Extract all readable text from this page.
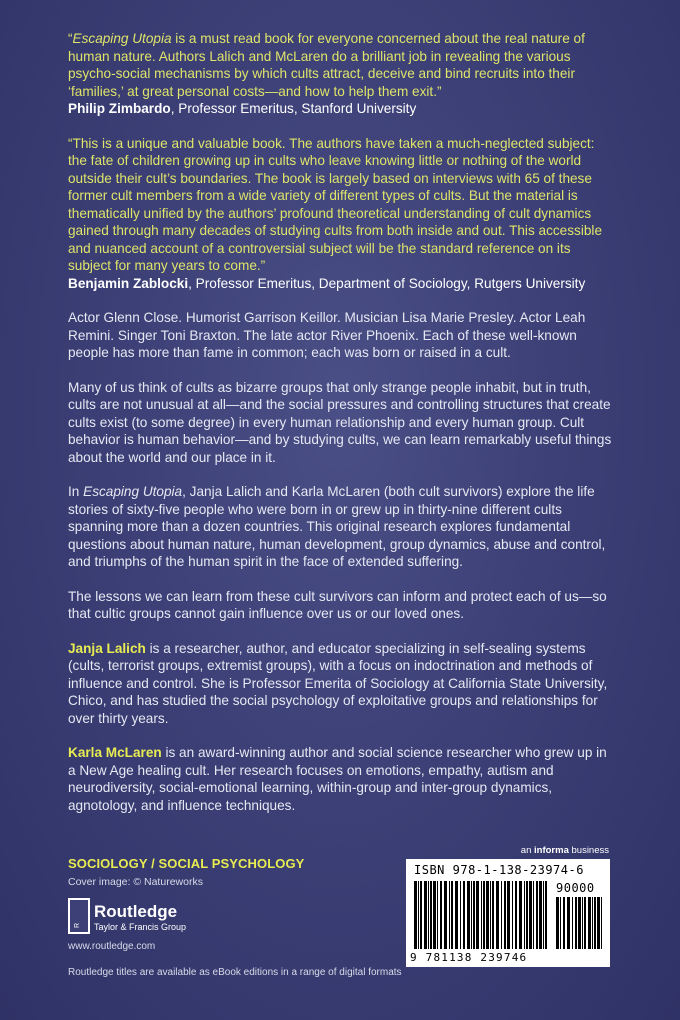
“Escaping Utopia is a must read book for everyone concerned about the real nature of human nature. Authors Lalich and McLaren do a brilliant job in revealing the various psycho-social mechanisms by which cults attract, deceive and bind recruits into their ‘families,’ at great personal costs—and how to help them exit.”

Philip Zimbardo, Professor Emeritus, Stanford University

“This is a unique and valuable book. The authors have taken a much-neglected subject: the fate of children growing up in cults who leave knowing little or nothing of the world outside their cult’s boundaries. The book is largely based on interviews with 65 of these former cult members from a wide variety of different types of cults. But the material is thematically unified by the authors’ profound theoretical understanding of cult dynamics gained through many decades of studying cults from both inside and out. This accessible and nuanced account of a controversial subject will be the standard reference on its subject for many years to come.”

Benjamin Zablocki, Professor Emeritus, Department of Sociology, Rutgers University

Actor Glenn Close. Humorist Garrison Keillor. Musician Lisa Marie Presley. Actor Leah Remini. Singer Toni Braxton. The late actor River Phoenix. Each of these well-known people has more than fame in common; each was born or raised in a cult.

Many of us think of cults as bizarre groups that only strange people inhabit, but in truth, cults are not unusual at all—and the social pressures and controlling structures that create cults exist (to some degree) in every human relationship and every human group. Cult behavior is human behavior—and by studying cults, we can learn remarkably useful things about the world and our place in it.

In Escaping Utopia, Janja Lalich and Karla McLaren (both cult survivors) explore the life stories of sixty-five people who were born in or grew up in thirty-nine different cults spanning more than a dozen countries. This original research explores fundamental questions about human nature, human development, group dynamics, abuse and control, and triumphs of the human spirit in the face of extended suffering.

The lessons we can learn from these cult survivors can inform and protect each of us—so that cultic groups cannot gain influence over us or our loved ones.

Janja Lalich is a researcher, author, and educator specializing in self-sealing systems (cults, terrorist groups, extremist groups), with a focus on indoctrination and methods of influence and control. She is Professor Emerita of Sociology at California State University, Chico, and has studied the social psychology of exploitative groups and relationships for over thirty years.

Karla McLaren is an award-winning author and social science researcher who grew up in a New Age healing cult. Her research focuses on emotions, empathy, autism and neurodiversity, social-emotional learning, within-group and inter-group dynamics, agnotology, and influence techniques.

SOCIOLOGY / SOCIAL PSYCHOLOGY
Cover image: © Natureworks
R
Routledge
Taylor & Francis Group
www.routledge.com
Routledge titles are available as eBook editions in a range of digital formats
an informa business
ISBN 978-1-138-23974-6
90000
9 781138 239746
